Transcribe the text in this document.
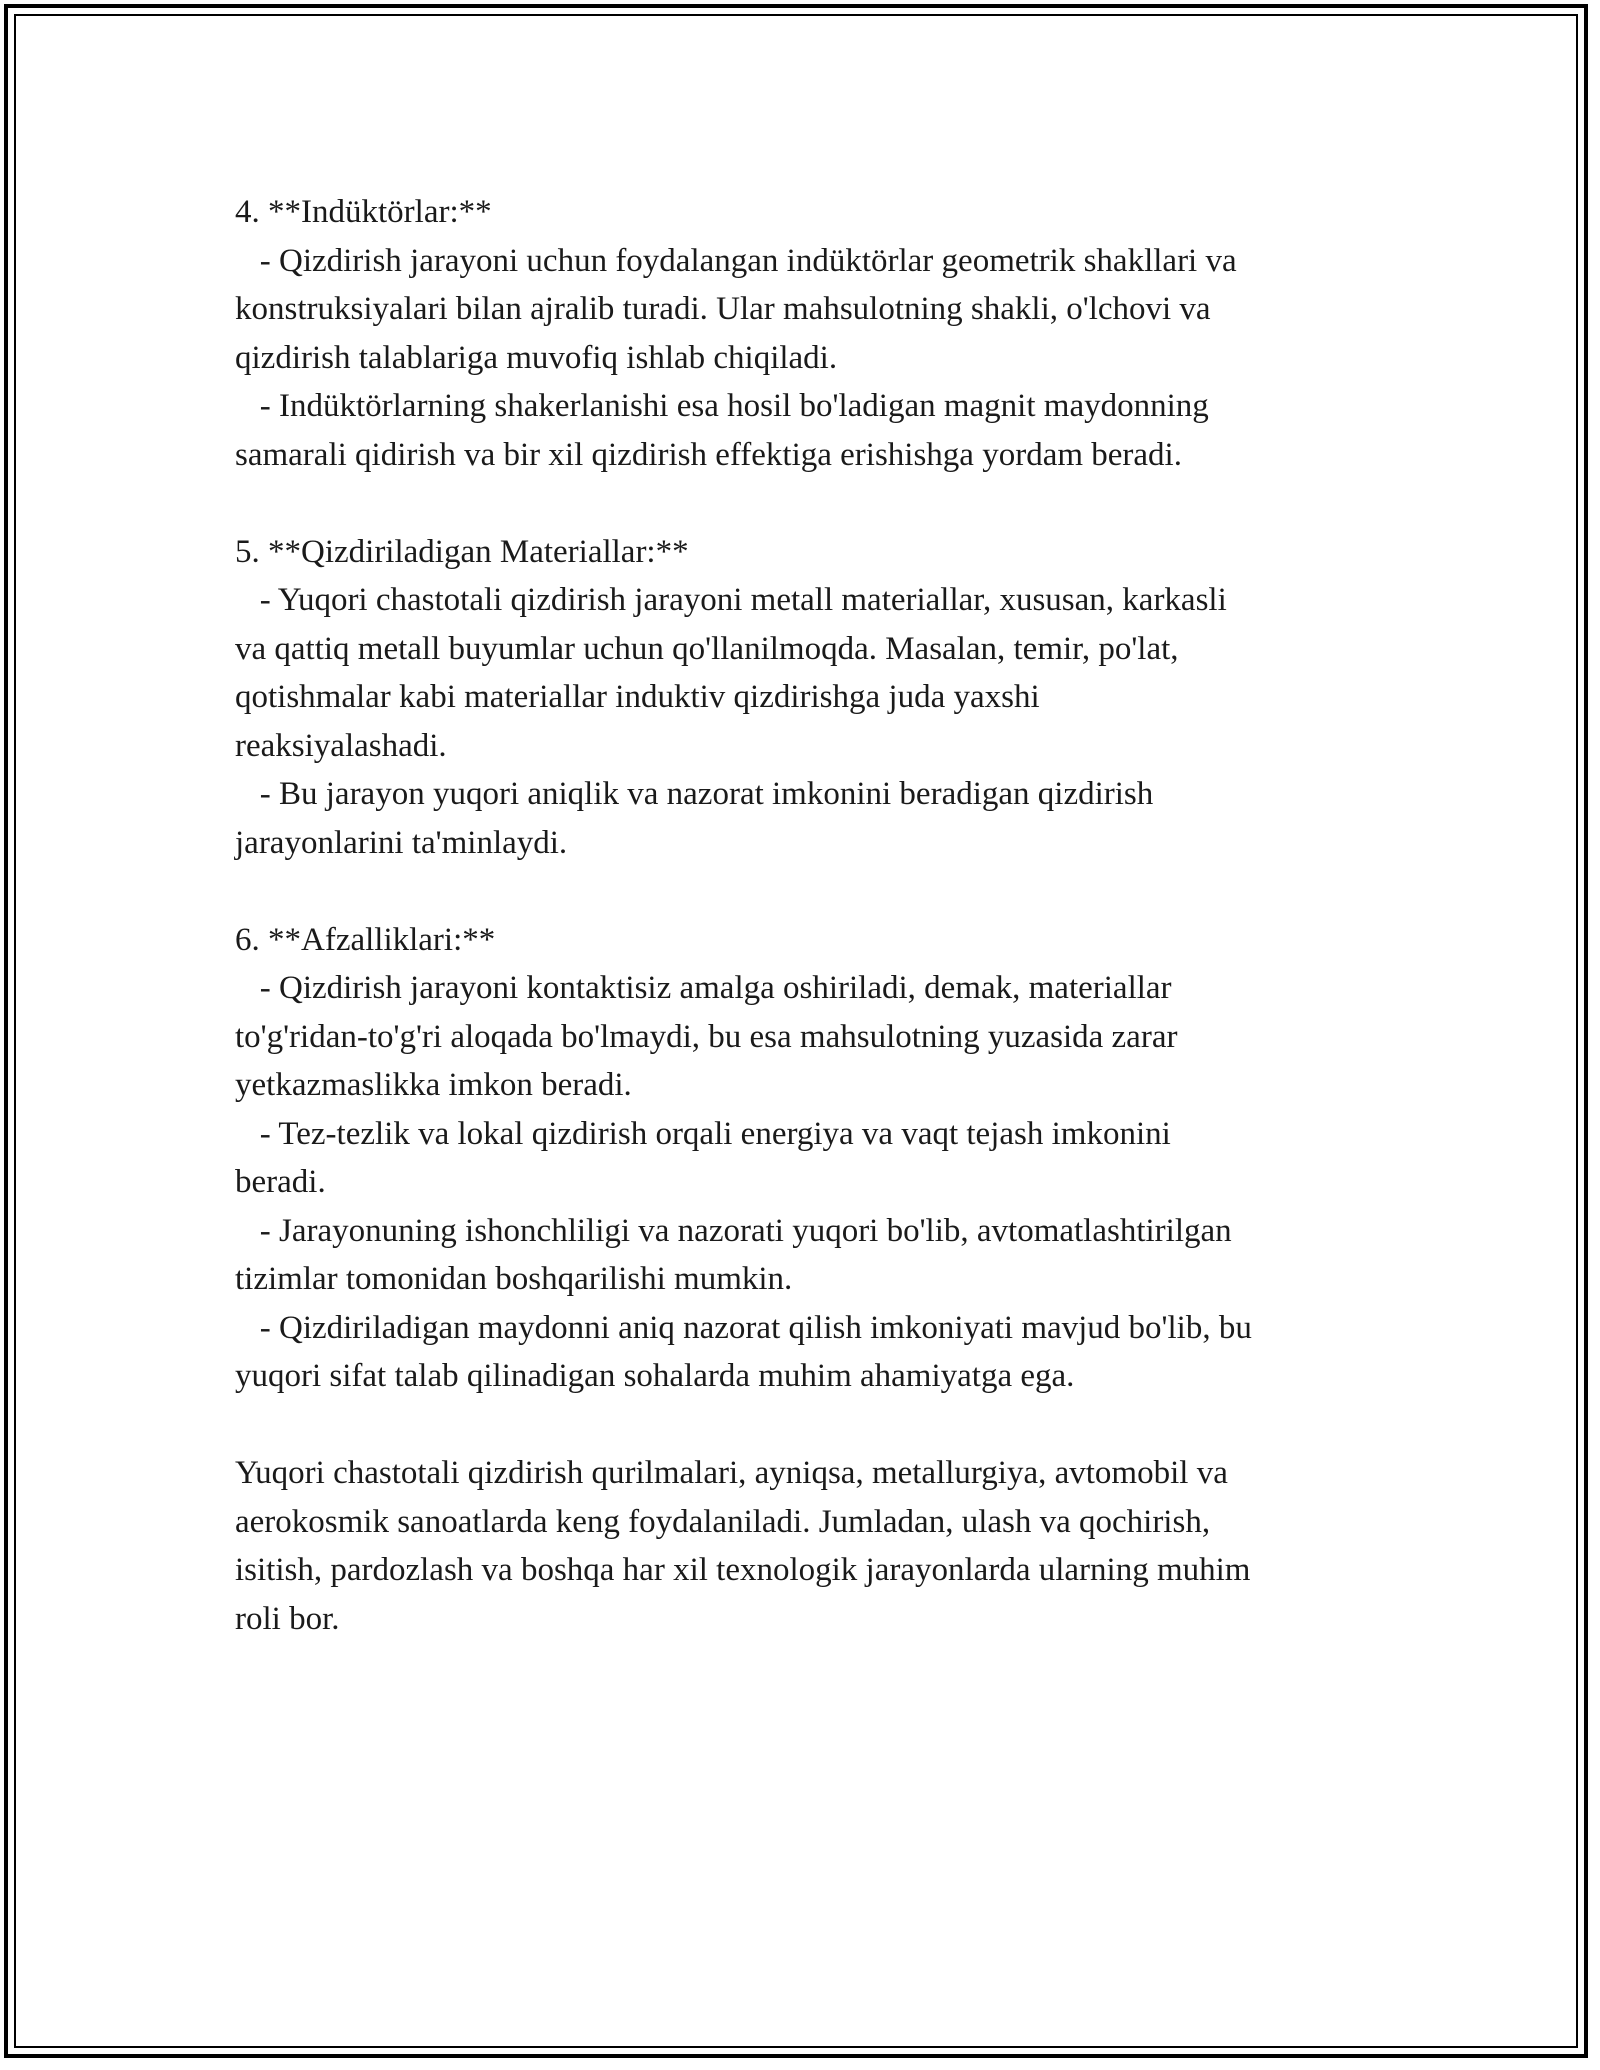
4. **Indüktörlar:**
- Qizdirish jarayoni uchun foydalangan indüktörlar geometrik shakllari va
konstruksiyalari bilan ajralib turadi. Ular mahsulotning shakli, o'lchovi va
qizdirish talablariga muvofiq ishlab chiqiladi.
- Indüktörlarning shakerlanishi esa hosil bo'ladigan magnit maydonning
samarali qidirish va bir xil qizdirish effektiga erishishga yordam beradi.
5. **Qizdiriladigan Materiallar:**
- Yuqori chastotali qizdirish jarayoni metall materiallar, xususan, karkasli
va qattiq metall buyumlar uchun qo'llanilmoqda. Masalan, temir, po'lat,
qotishmalar kabi materiallar induktiv qizdirishga juda yaxshi
reaksiyalashadi.
- Bu jarayon yuqori aniqlik va nazorat imkonini beradigan qizdirish
jarayonlarini ta'minlaydi.
6. **Afzalliklari:**
- Qizdirish jarayoni kontaktisiz amalga oshiriladi, demak, materiallar
to'g'ridan-to'g'ri aloqada bo'lmaydi, bu esa mahsulotning yuzasida zarar
yetkazmaslikka imkon beradi.
- Tez-tezlik va lokal qizdirish orqali energiya va vaqt tejash imkonini
beradi.
- Jarayonuning ishonchliligi va nazorati yuqori bo'lib, avtomatlashtirilgan
tizimlar tomonidan boshqarilishi mumkin.
- Qizdiriladigan maydonni aniq nazorat qilish imkoniyati mavjud bo'lib, bu
yuqori sifat talab qilinadigan sohalarda muhim ahamiyatga ega.
Yuqori chastotali qizdirish qurilmalari, ayniqsa, metallurgiya, avtomobil va
aerokosmik sanoatlarda keng foydalaniladi. Jumladan, ulash va qochirish,
isitish, pardozlash va boshqa har xil texnologik jarayonlarda ularning muhim
roli bor.
